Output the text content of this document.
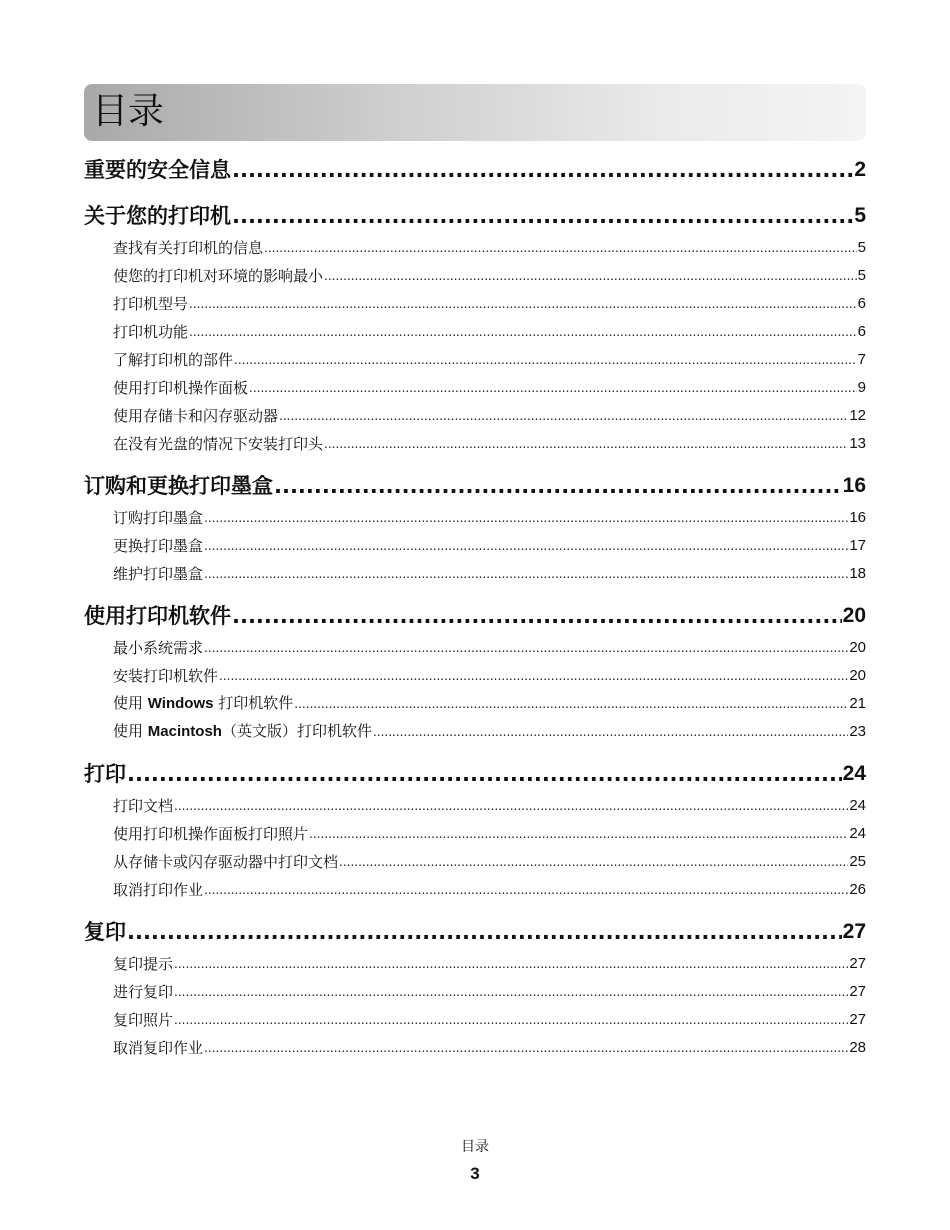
目录
重要的安全信息 .....	2
关于您的打印机 .....	5
查找有关打印机的信息 .....	5
使您的打印机对环境的影响最小 .....	5
打印机型号 .....	6
打印机功能 .....	6
了解打印机的部件 .....	7
使用打印机操作面板 .....	9
使用存储卡和闪存驱动器 .....	12
在没有光盘的情况下安装打印头 .....	13
订购和更换打印墨盒 .....	16
订购打印墨盒 .....	16
更换打印墨盒 .....	17
维护打印墨盒 .....	18
使用打印机软件 .....	20
最小系统需求 .....	20
安装打印机软件 .....	20
使用 Windows 打印机软件 .....	21
使用 Macintosh（英文版）打印机软件 .....	23
打印 .....	24
打印文档 .....	24
使用打印机操作面板打印照片 .....	24
从存储卡或闪存驱动器中打印文档 .....	25
取消打印作业 .....	26
复印 .....	27
复印提示 .....	27
进行复印 .....	27
复印照片 .....	27
取消复印作业 .....	28
目录
3
